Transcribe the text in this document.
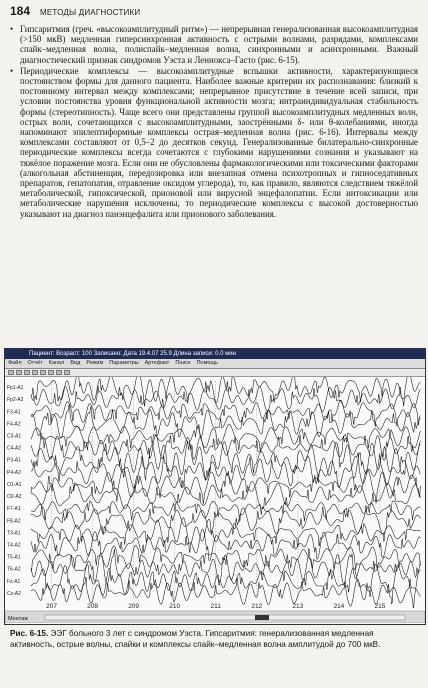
184 МЕТОДЫ ДИАГНОСТИКИ
• Гипсаритмия (греч. «высокоамплитудный ритм») — непрерывная генерализованная высокоамплитудная (>150 мкВ) медленная гиперсинхронная активность с острыми волнами, разрядами, комплексами спайк–медленная волна, полиспайк–медленная волна, синхронными и асинхронными. Важный диагностический признак синдромов Уэста и Леннокса–Гасто (рис. 6-15).
• Периодические комплексы — высокоамплитудные вспышки активности, характеризующиеся постоянством формы для данного пациента. Наиболее важные критерии их распознавания: близкий к постоянному интервал между комплексами; непрерывное присутствие в течение всей записи, при условии постоянства уровня функциональной активности мозга; интраиндивидуальная стабильность формы (стереотипность). Чаще всего они представлены группой высокоамплитудных медленных волн, острых волн, сочетающихся с высокоамплитудными, заострёнными δ- или θ-колебаниями, иногда напоминают эпилептиформные комплексы острая–медленная волна (рис. 6-16). Интервалы между комплексами составляют от 0,5–2 до десятков секунд. Генерализованные билатерально-синхронные периодические комплексы всегда сочетаются с глубокими нарушениями сознания и указывают на тяжёлое поражение мозга. Если они не обусловлены фармакологическими или токсическими факторами (алкогольная абстиненция, передозировка или внезапная отмена психотропных и гипноседативных препаратов, гепатопатия, отравление оксидом углерода), то, как правило, являются следствием тяжёлой метаболической, гипоксической, прионовой или вирусной энцефалопатии. Если интоксикации или метаболические нарушения исключены, то периодические комплексы с высокой достоверностью указывают на диагноз панэнцефалита или прионового заболевания.
Пациент: Возраст: 100 Записано: Дата 19.4.07 25.9 Длина записи: 0.0 мин
Файл Отчёт Канал Вид Режим Параметры Артефакт Поиск Помощь
207	208	209	210	211	212	213	214	215
Fp1-A1
Fp2-A2
F3-A1
F4-A2
C3-A1
C4-A2
P3-A1
P4-A2
O1-A1
O2-A2
F7-A1
F8-A2
T3-A1
T4-A2
T5-A1
T6-A2
Fz-A1
Cz-A2
Монтаж
Рис. 6-15. ЭЭГ больного 3 лет с синдромом Уэста. Гипсаритмия: генерализованная медленная активность, острые волны, спайки и комплексы спайк–медленная волна амплитудой до 700 мкВ.
